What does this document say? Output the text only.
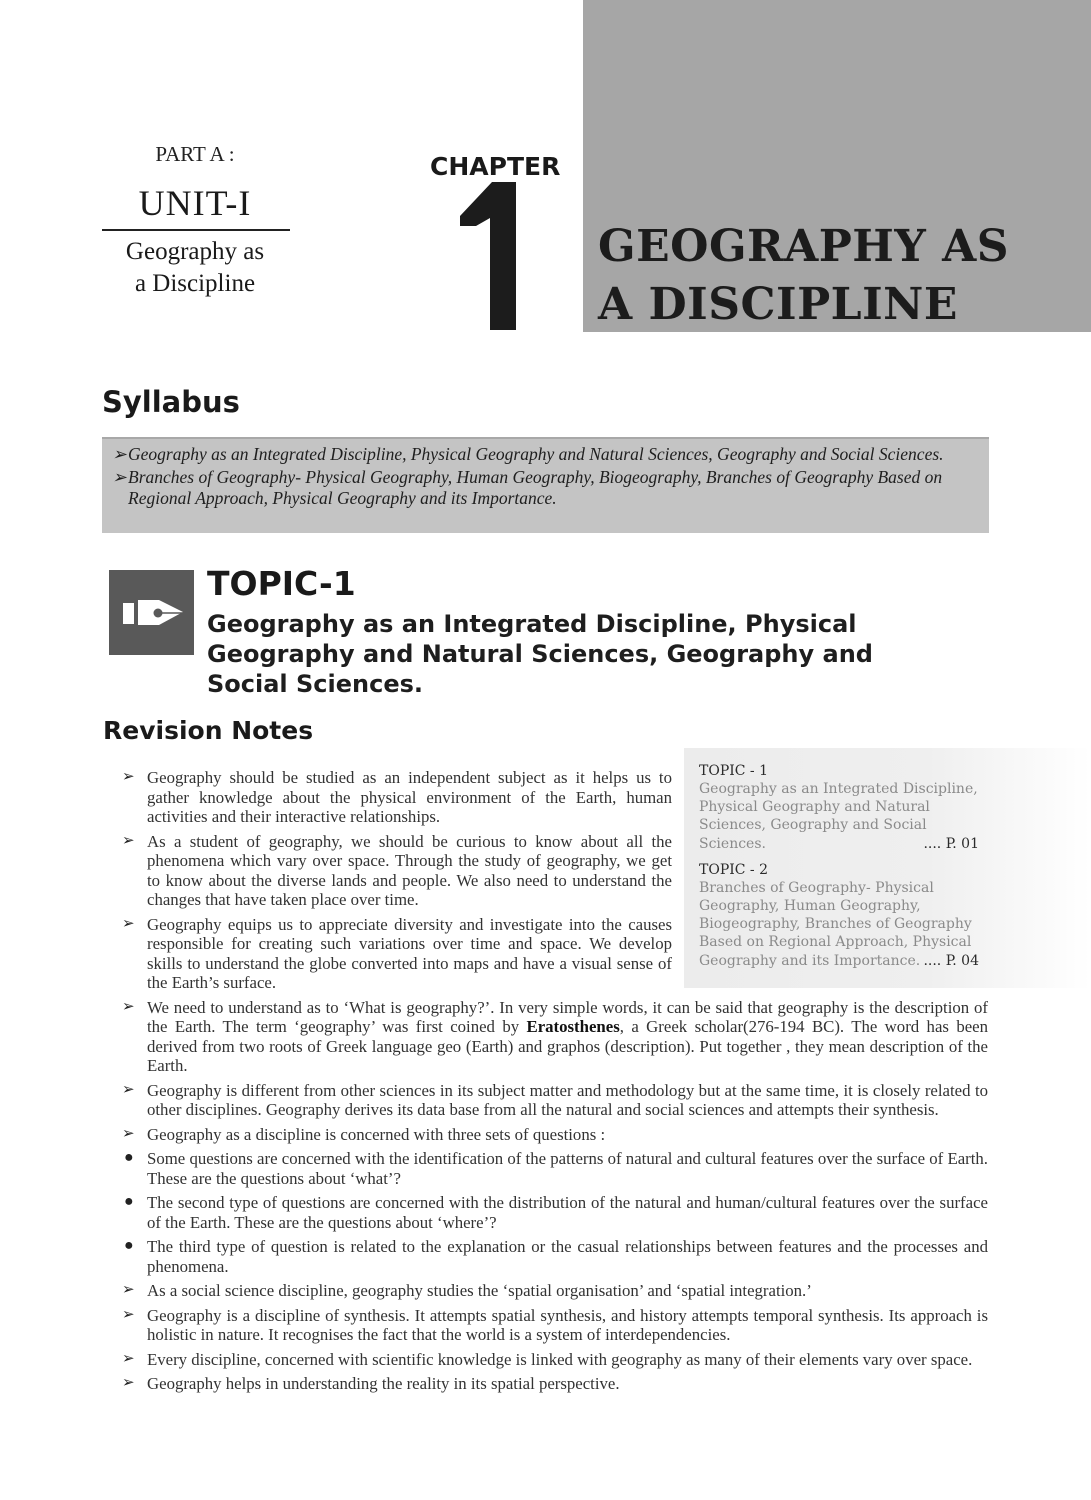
PART A :
UNIT-I
Geography as
a Discipline
CHAPTER
GEOGRAPHY AS
A DISCIPLINE
Syllabus
➢ Geography as an Integrated Discipline, Physical Geography and Natural Sciences, Geography and Social Sciences.
➢ Branches of Geography- Physical Geography, Human Geography, Biogeography, Branches of Geography Based on Regional Approach, Physical Geography and its Importance.
TOPIC-1
Geography as an Integrated Discipline, Physical
Geography and Natural Sciences, Geography and
Social Sciences.
Revision Notes
TOPIC - 1
Geography as an Integrated Discipline,
Physical Geography and Natural
Sciences, Geography and Social
Sciences.	.... P. 01
TOPIC - 2
Branches of Geography- Physical
Geography, Human Geography,
Biogeography, Branches of Geography
Based on Regional Approach, Physical
Geography and its Importance. .... P. 04
➢ Geography should be studied as an independent subject as it helps us to gather knowledge about the physical environment of the Earth, human activities and their interactive relationships.
➢ As a student of geography, we should be curious to know about all the phenomena which vary over space. Through the study of geography, we get to know about the diverse lands and people. We also need to understand the changes that have taken place over time.
➢ Geography equips us to appreciate diversity and investigate into the causes responsible for creating such variations over time and space. We develop skills to understand the globe converted into maps and have a visual sense of the Earth’s surface.
➢ We need to understand as to ‘What is geography?’. In very simple words, it can be said that geography is the description of the Earth. The term ‘geography’ was first coined by Eratosthenes, a Greek scholar(276-194 BC). The word has been derived from two roots of Greek language geo (Earth) and graphos (description). Put together , they mean description of the Earth.
➢ Geography is different from other sciences in its subject matter and methodology but at the same time, it is closely related to other disciplines. Geography derives its data base from all the natural and social sciences and attempts their synthesis.
➢ Geography as a discipline is concerned with three sets of questions :
● Some questions are concerned with the identification of the patterns of natural and cultural features over the surface of Earth. These are the questions about ‘what’?
● The second type of questions are concerned with the distribution of the natural and human/cultural features over the surface of the Earth. These are the questions about ‘where’?
● The third type of question is related to the explanation or the casual relationships between features and the processes and phenomena.
➢ As a social science discipline, geography studies the ‘spatial organisation’ and ‘spatial integration.’
➢ Geography is a discipline of synthesis. It attempts spatial synthesis, and history attempts temporal synthesis. Its approach is holistic in nature. It recognises the fact that the world is a system of interdependencies.
➢ Every discipline, concerned with scientific knowledge is linked with geography as many of their elements vary over space.
➢ Geography helps in understanding the reality in its spatial perspective.
